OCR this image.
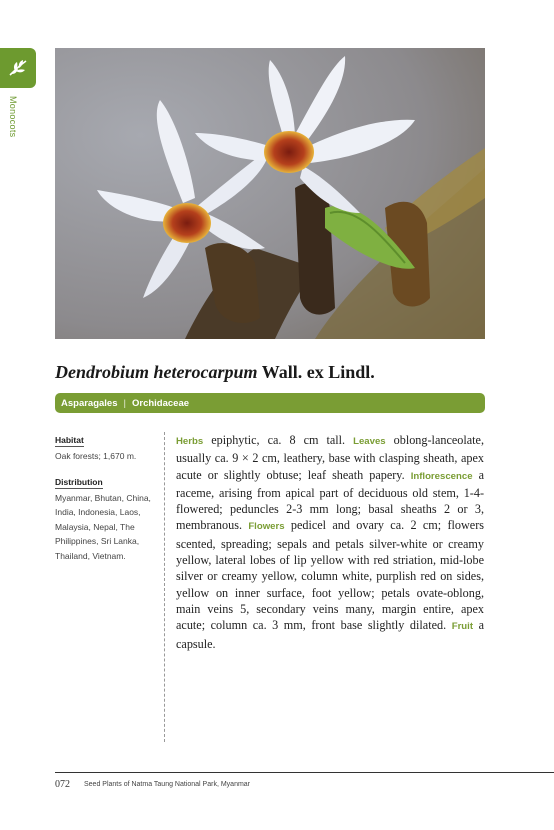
Monocots
Dendrobium heterocarpum Wall. ex Lindl.
Asparagales | Orchidaceae
Habitat
Oak forests; 1,670 m.
Distribution
Myanmar, Bhutan, China, India, Indonesia, Laos, Malaysia, Nepal, The Philippines, Sri Lanka, Thailand, Vietnam.

Herbs epiphytic, ca. 8 cm tall. Leaves oblong-lanceolate, usually ca. 9 × 2 cm, leathery, base with clasping sheath, apex acute or slightly obtuse; leaf sheath papery. Inflorescence a raceme, arising from apical part of deciduous old stem, 1-4-flowered; peduncles 2-3 mm long; basal sheaths 2 or 3, membranous. Flowers pedicel and ovary ca. 2 cm; flowers scented, spreading; sepals and petals silver-white or creamy yellow, lateral lobes of lip yellow with red striation, mid-lobe silver or creamy yellow, column white, purplish red on sides, yellow on inner surface, foot yellow; petals ovate-oblong, main veins 5, secondary veins many, margin entire, apex acute; column ca. 3 mm, front base slightly dilated. Fruit a capsule.

072 Seed Plants of Natma Taung National Park, Myanmar
